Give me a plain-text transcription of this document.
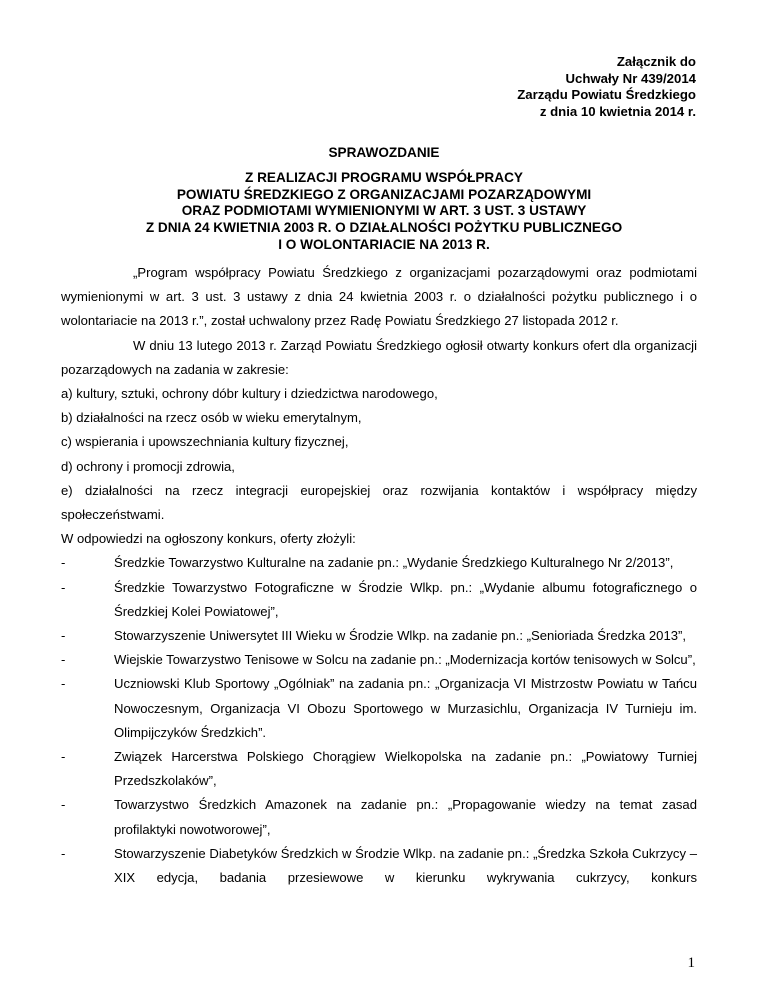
Załącznik do
Uchwały Nr 439/2014
Zarządu Powiatu Średzkiego
z dnia 10 kwietnia 2014 r.
SPRAWOZDANIE
Z REALIZACJI PROGRAMU WSPÓŁPRACY
POWIATU ŚREDZKIEGO Z ORGANIZACJAMI POZARZĄDOWYMI
ORAZ PODMIOTAMI WYMIENIONYMI W ART. 3 UST. 3 USTAWY
Z DNIA 24 KWIETNIA 2003 R. O DZIAŁALNOŚCI POŻYTKU PUBLICZNEGO
I O WOLONTARIACIE NA 2013 R.

„Program współpracy Powiatu Średzkiego z organizacjami pozarządowymi oraz podmiotami wymienionymi w art. 3 ust. 3 ustawy z dnia 24 kwietnia 2003 r. o działalności pożytku publicznego i o wolontariacie na 2013 r.”, został uchwalony przez Radę Powiatu Średzkiego 27 listopada 2012 r.

W dniu 13 lutego 2013 r. Zarząd Powiatu Średzkiego ogłosił otwarty konkurs ofert dla organizacji pozarządowych na zadania w zakresie:

a) kultury, sztuki, ochrony dóbr kultury i dziedzictwa narodowego,

b) działalności na rzecz osób w wieku emerytalnym,

c) wspierania i upowszechniania kultury fizycznej,

d) ochrony i promocji zdrowia,

e) działalności na rzecz integracji europejskiej oraz rozwijania kontaktów i współpracy między społeczeństwami.

W odpowiedzi na ogłoszony konkurs, oferty złożyli:

- Średzkie Towarzystwo Kulturalne na zadanie pn.: „Wydanie Średzkiego Kulturalnego Nr 2/2013”,
- Średzkie Towarzystwo Fotograficzne w Środzie Wlkp. pn.: „Wydanie albumu fotograficznego o Średzkiej Kolei Powiatowej”,
- Stowarzyszenie Uniwersytet III Wieku w Środzie Wlkp. na zadanie pn.: „Senioriada Średzka 2013”,
- Wiejskie Towarzystwo Tenisowe w Solcu na zadanie pn.: „Modernizacja kortów tenisowych w Solcu”,
- Uczniowski Klub Sportowy „Ogólniak” na zadania pn.: „Organizacja VI Mistrzostw Powiatu w Tańcu Nowoczesnym, Organizacja VI Obozu Sportowego w Murzasichlu, Organizacja IV Turnieju im. Olimpijczyków Średzkich”.
- Związek Harcerstwa Polskiego Chorągiew Wielkopolska na zadanie pn.: „Powiatowy Turniej Przedszkolaków”,
- Towarzystwo Średzkich Amazonek na zadanie pn.: „Propagowanie wiedzy na temat zasad profilaktyki nowotworowej”,
- Stowarzyszenie Diabetyków Średzkich w Środzie Wlkp. na zadanie pn.: „Średzka Szkoła Cukrzycy – XIX edycja, badania przesiewowe w kierunku wykrywania cukrzycy, konkurs
1
